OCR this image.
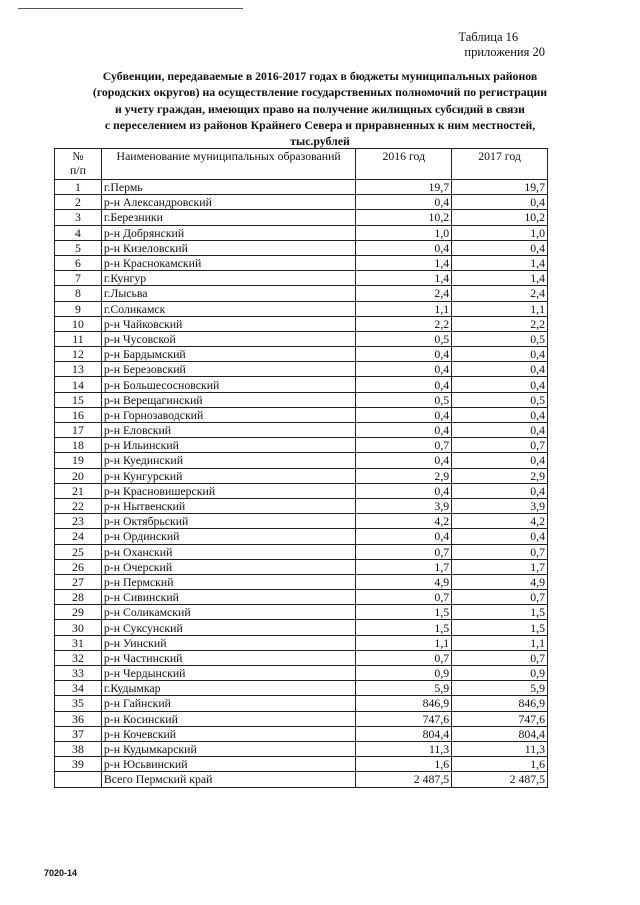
Таблица 16
приложения 20
Субвенции, передаваемые в 2016-2017 годах в бюджеты муниципальных районов
(городских округов) на осуществление государственных полномочий по регистрации
и учету граждан, имеющих право на получение жилищных субсидий в связи
с переселением из районов Крайнего Севера и приравненных к ним местностей,
тыс.рублей
№
п/п	Наименование муниципальных образований	2016 год	2017 год
1	г.Пермь	19,7	19,7
2	р-н Александровский	0,4	0,4
3	г.Березники	10,2	10,2
4	р-н Добрянский	1,0	1,0
5	р-н Кизеловский	0,4	0,4
6	р-н Краснокамский	1,4	1,4
7	г.Кунгур	1,4	1,4
8	г.Лысьва	2,4	2,4
9	г.Соликамск	1,1	1,1
10	р-н Чайковский	2,2	2,2
11	р-н Чусовской	0,5	0,5
12	р-н Бардымский	0,4	0,4
13	р-н Березовский	0,4	0,4
14	р-н Большесосновский	0,4	0,4
15	р-н Верещагинский	0,5	0,5
16	р-н Горнозаводский	0,4	0,4
17	р-н Еловский	0,4	0,4
18	р-н Ильинский	0,7	0,7
19	р-н Куединский	0,4	0,4
20	р-н Кунгурский	2,9	2,9
21	р-н Красновишерский	0,4	0,4
22	р-н Нытвенский	3,9	3,9
23	р-н Октябрьский	4,2	4,2
24	р-н Ординский	0,4	0,4
25	р-н Оханский	0,7	0,7
26	р-н Очерский	1,7	1,7
27	р-н Пермский	4,9	4,9
28	р-н Сивинский	0,7	0,7
29	р-н Соликамский	1,5	1,5
30	р-н Суксунский	1,5	1,5
31	р-н Уинский	1,1	1,1
32	р-н Частинский	0,7	0,7
33	р-н Чердынский	0,9	0,9
34	г.Кудымкар	5,9	5,9
35	р-н Гайнский	846,9	846,9
36	р-н Косинский	747,6	747,6
37	р-н Кочевский	804,4	804,4
38	р-н Кудымкарский	11,3	11,3
39	р-н Юсьвинский	1,6	1,6
	Всего Пермский край	2 487,5	2 487,5
7020-14
